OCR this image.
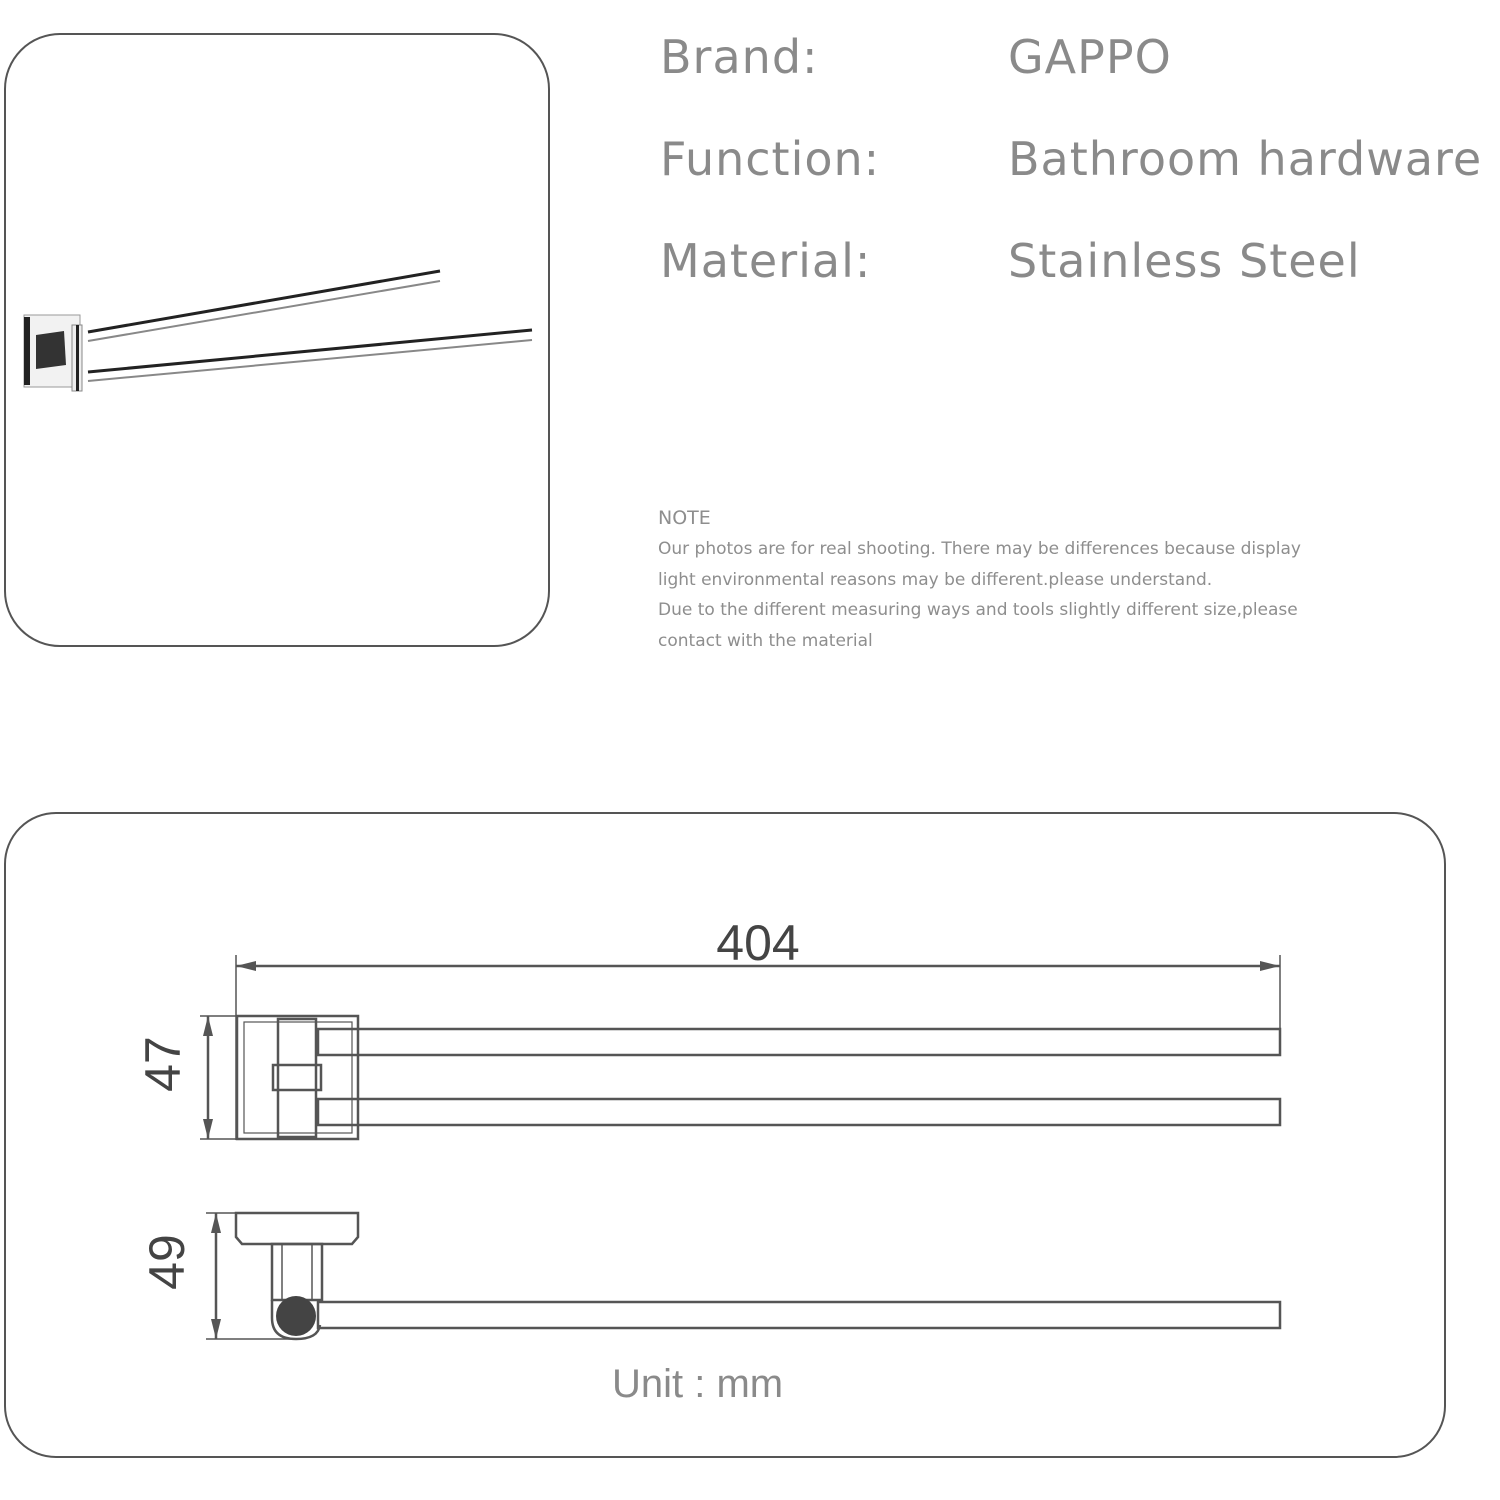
Brand:	GAPPO
Function:	Bathroom hardware
Material:	Stainless Steel
NOTE
Our photos are for real shooting. There may be differences because display
light environmental reasons may be different.please understand.
Due to the different measuring ways and tools slightly different size,please
contact with the material
404
47
49
Unit : mm
